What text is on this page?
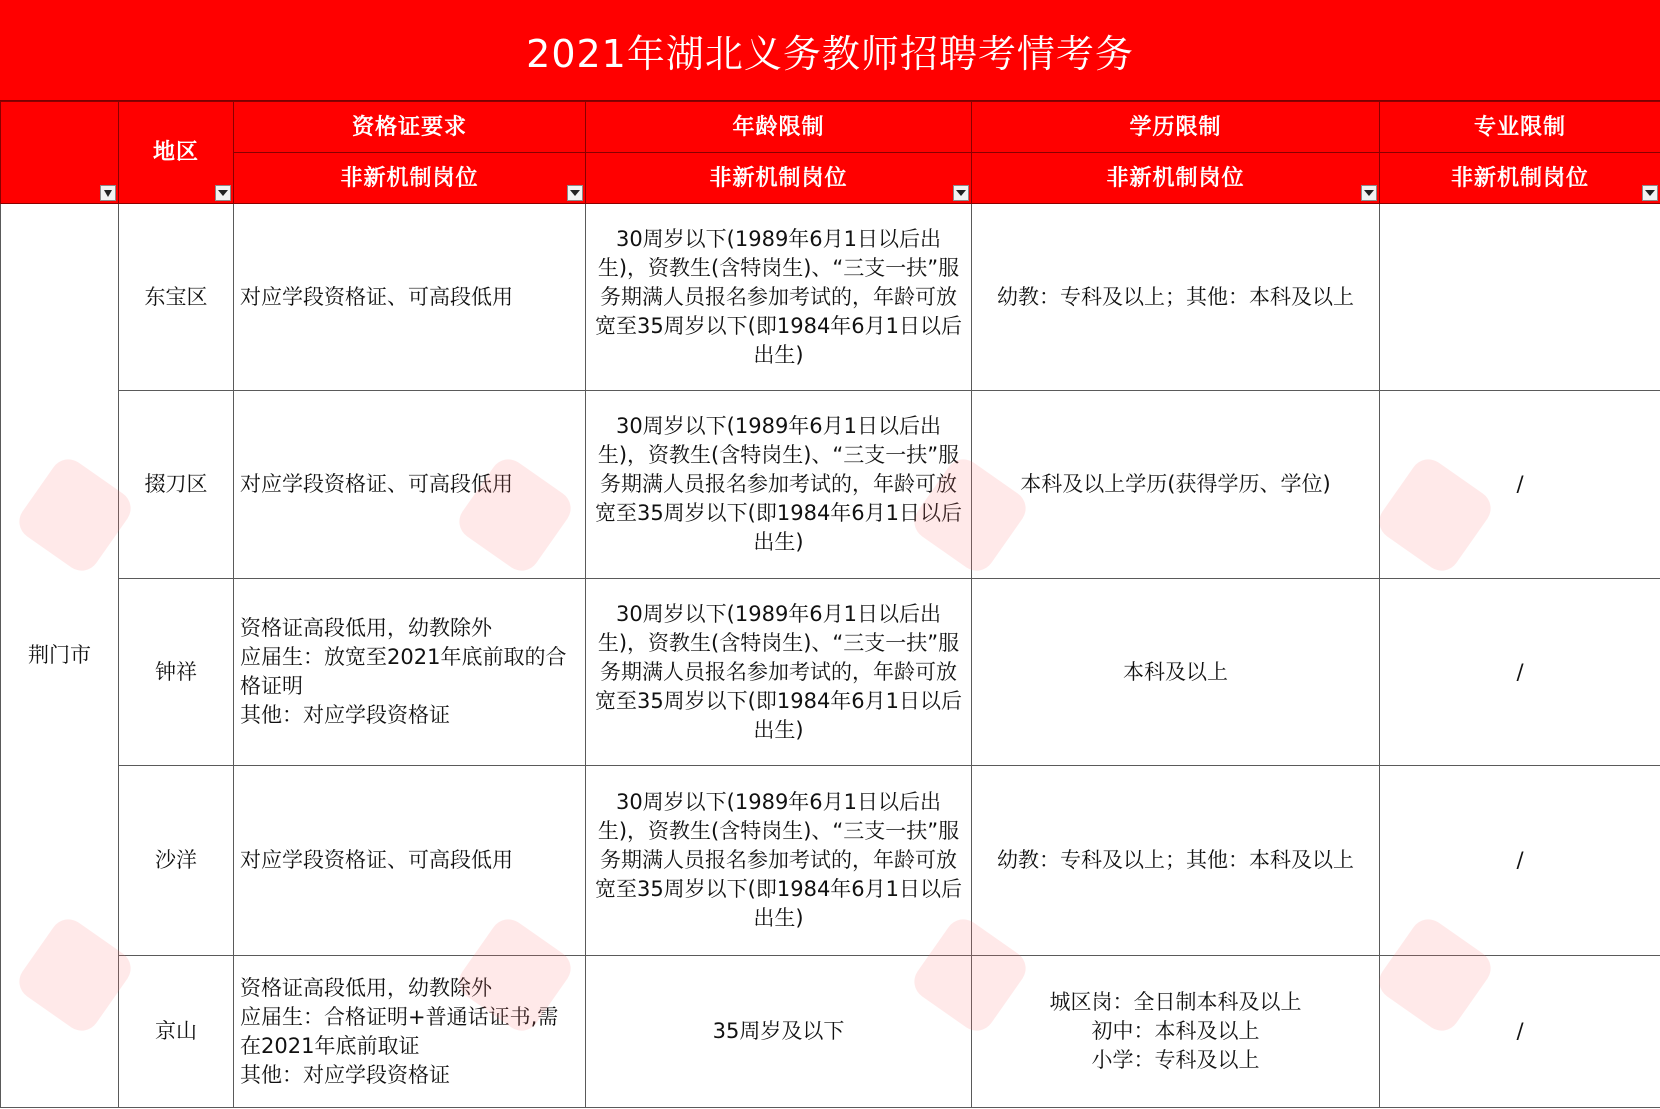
2021年湖北义务教师招聘考情考务
	地区	资格证要求	年龄限制	学历限制	专业限制
		非新机制岗位	非新机制岗位	非新机制岗位	非新机制岗位

荆门市	东宝区	对应学段资格证、可高段低用	30周岁以下(1989年6月1日以后出生)，资教生(含特岗生)、“三支一扶”服务期满人员报名参加考试的，年龄可放宽至35周岁以下(即1984年6月1日以后出生)	幼教：专科及以上；其他：本科及以上	
	掇刀区	对应学段资格证、可高段低用	30周岁以下(1989年6月1日以后出生)，资教生(含特岗生)、“三支一扶”服务期满人员报名参加考试的，年龄可放宽至35周岁以下(即1984年6月1日以后出生)	本科及以上学历(获得学历、学位)	/
	钟祥	资格证高段低用，幼教除外
应届生：放宽至2021年底前取的合格证明
其他：对应学段资格证	30周岁以下(1989年6月1日以后出生)，资教生(含特岗生)、“三支一扶”服务期满人员报名参加考试的，年龄可放宽至35周岁以下(即1984年6月1日以后出生)	本科及以上	/
	沙洋	对应学段资格证、可高段低用	30周岁以下(1989年6月1日以后出生)，资教生(含特岗生)、“三支一扶”服务期满人员报名参加考试的，年龄可放宽至35周岁以下(即1984年6月1日以后出生)	幼教：专科及以上；其他：本科及以上	/
	京山	资格证高段低用，幼教除外
应届生：合格证明+普通话证书,需在2021年底前取证
其他：对应学段资格证	35周岁及以下	城区岗：全日制本科及以上
初中：本科及以上
小学：专科及以上	/
